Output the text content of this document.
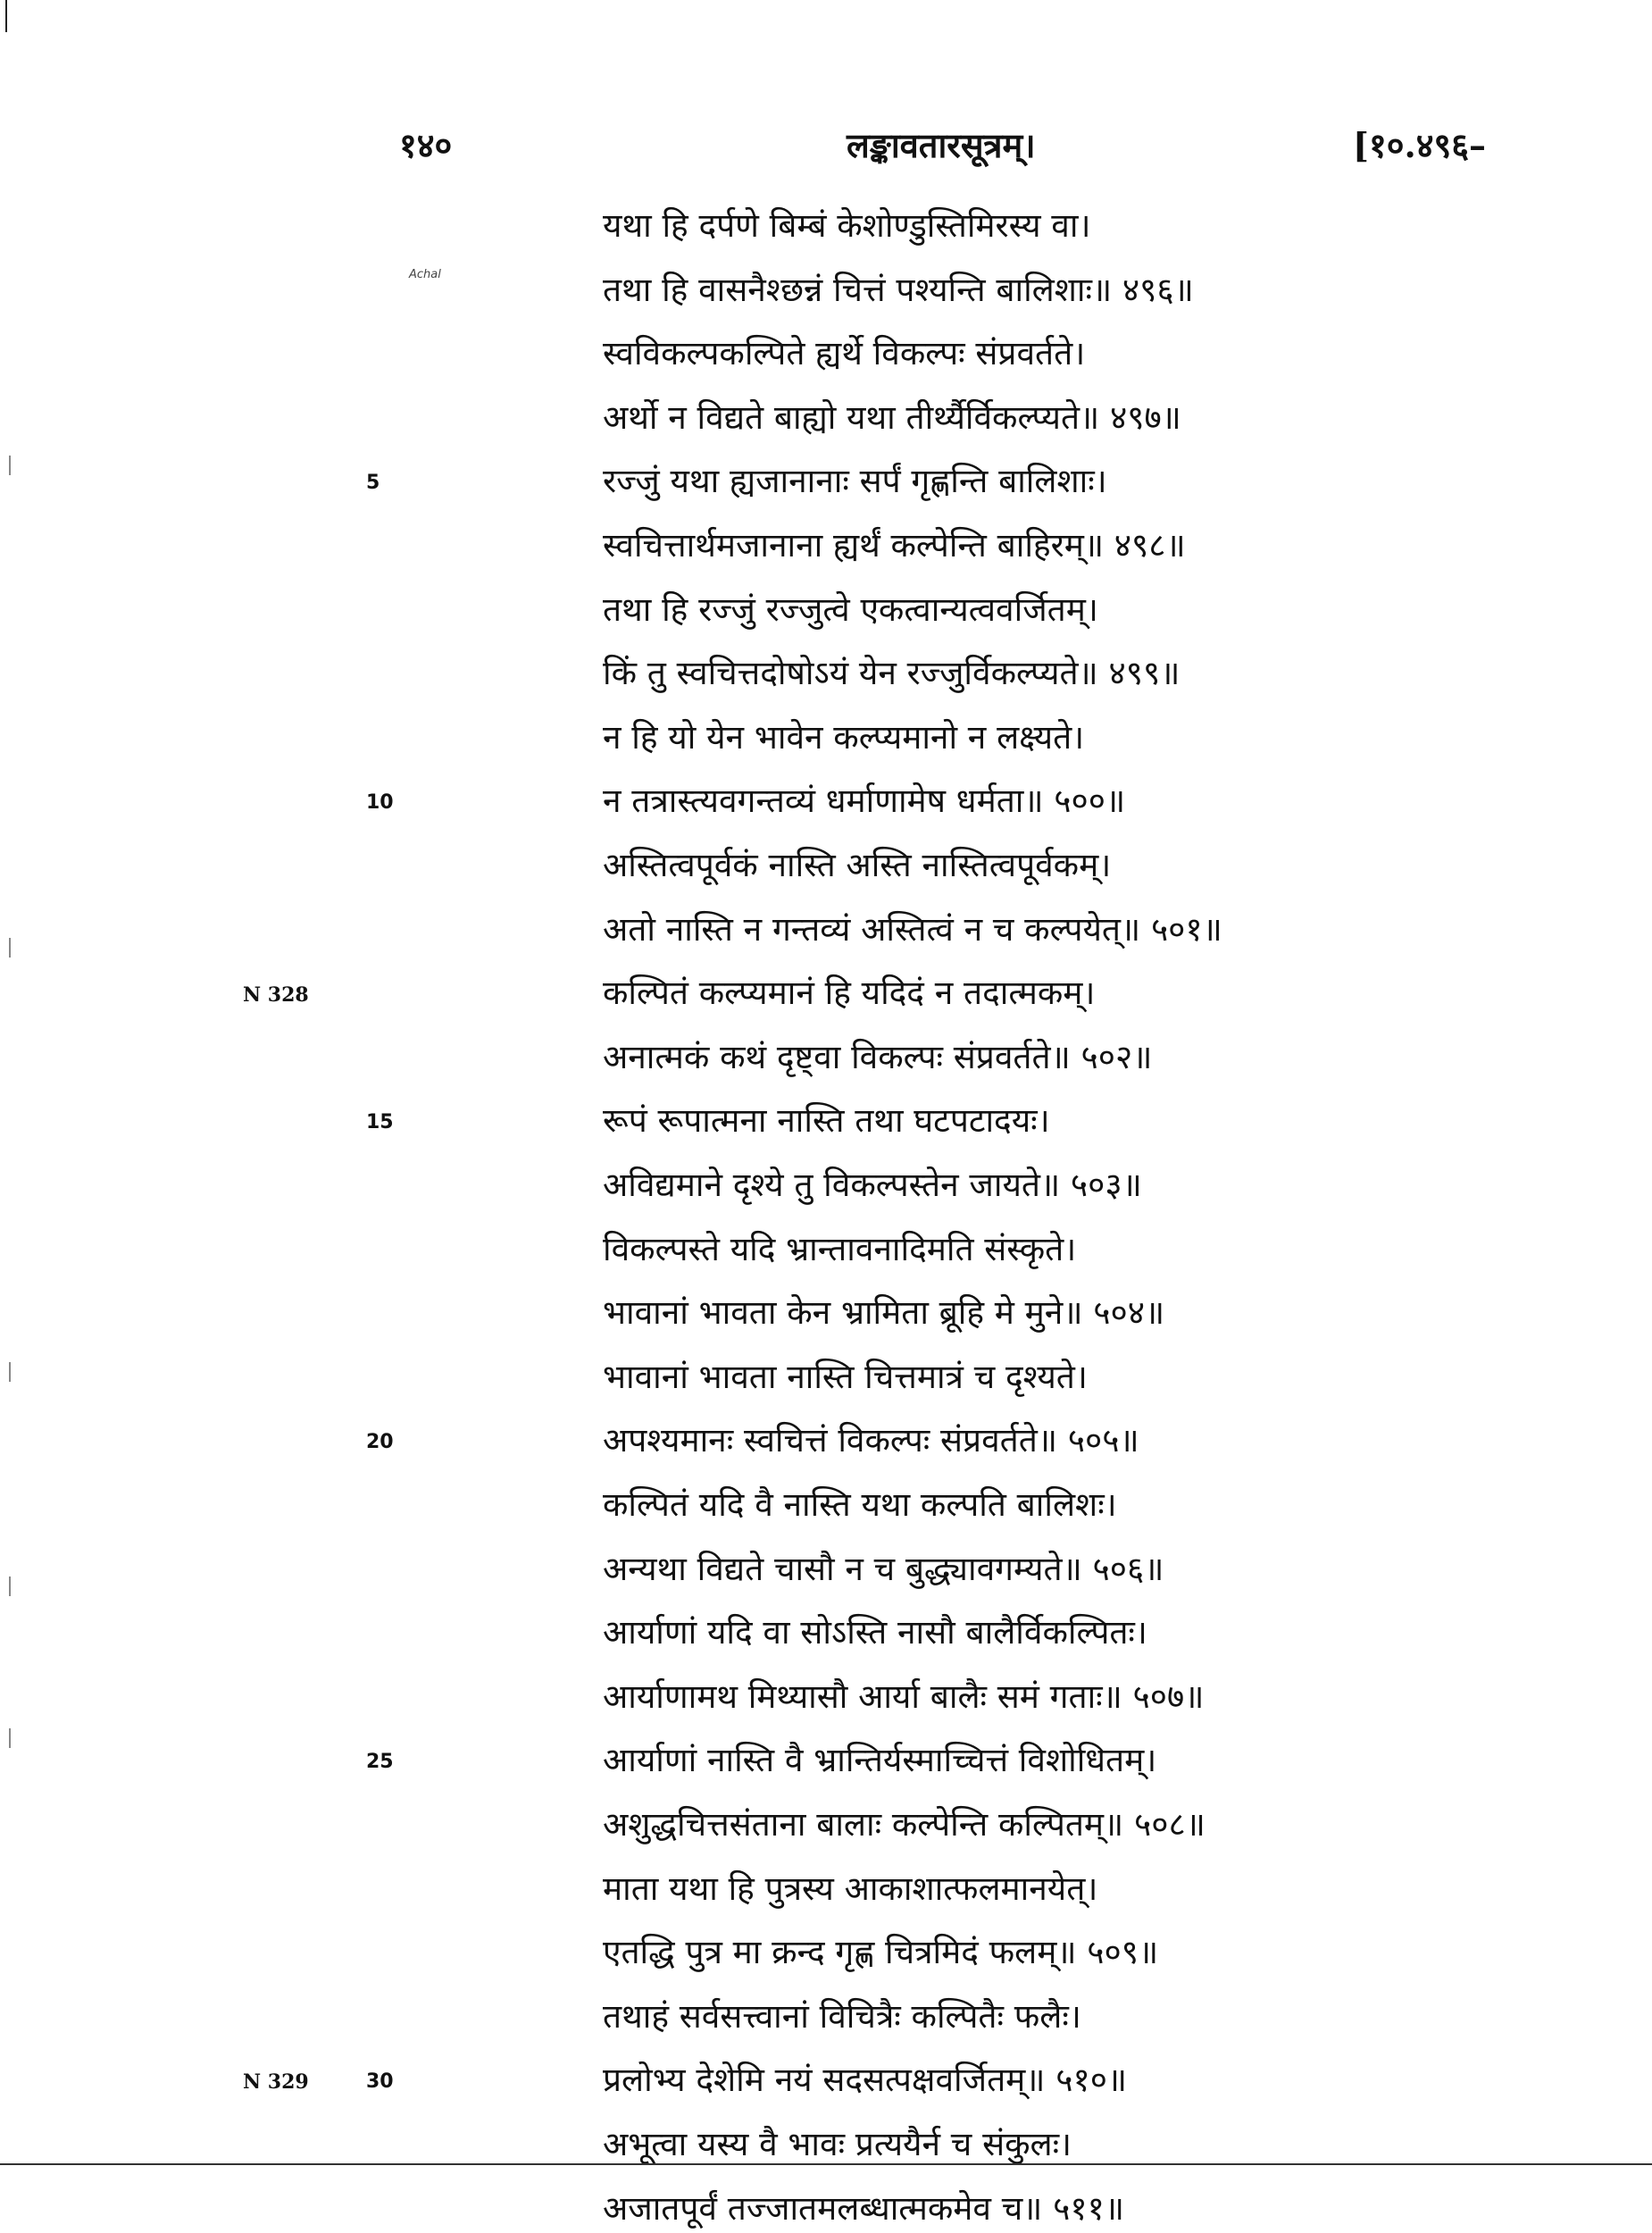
१४०	लङ्कावतारसूत्रम्।	[१०.४९६–
Achal
5
10
15
20
25
30
N 328
N 329
यथा हि दर्पणे बिम्बं केशोण्डुस्तिमिरस्य वा।
तथा हि वासनैश्छन्नं चित्तं पश्यन्ति बालिशाः॥ ४९६॥
स्वविकल्पकल्पिते ह्यर्थे विकल्पः संप्रवर्तते।
अर्थो न विद्यते बाह्यो यथा तीर्थ्यैर्विकल्प्यते॥ ४९७॥
रज्जुं यथा ह्यजानानाः सर्पं गृह्णन्ति बालिशाः।
स्वचित्तार्थमजानाना ह्यर्थं कल्पेन्ति बाहिरम्॥ ४९८॥
तथा हि रज्जुं रज्जुत्वे एकत्वान्यत्ववर्जितम्।
किं तु स्वचित्तदोषोऽयं येन रज्जुर्विकल्प्यते॥ ४९९॥
न हि यो येन भावेन कल्प्यमानो न लक्ष्यते।
न तत्रास्त्यवगन्तव्यं धर्माणामेष धर्मता॥ ५००॥
अस्तित्वपूर्वकं नास्ति अस्ति नास्तित्वपूर्वकम्।
अतो नास्ति न गन्तव्यं अस्तित्वं न च कल्पयेत्॥ ५०१॥
कल्पितं कल्प्यमानं हि यदिदं न तदात्मकम्।
अनात्मकं कथं दृष्ट्वा विकल्पः संप्रवर्तते॥ ५०२॥
रूपं रूपात्मना नास्ति तथा घटपटादयः।
अविद्यमाने दृश्ये तु विकल्पस्तेन जायते॥ ५०३॥
विकल्पस्ते यदि भ्रान्तावनादिमति संस्कृते।
भावानां भावता केन भ्रामिता ब्रूहि मे मुने॥ ५०४॥
भावानां भावता नास्ति चित्तमात्रं च दृश्यते।
अपश्यमानः स्वचित्तं विकल्पः संप्रवर्तते॥ ५०५॥
कल्पितं यदि वै नास्ति यथा कल्पति बालिशः।
अन्यथा विद्यते चासौ न च बुद्ध्यावगम्यते॥ ५०६॥
आर्याणां यदि वा सोऽस्ति नासौ बालैर्विकल्पितः।
आर्याणामथ मिथ्यासौ आर्या बालैः समं गताः॥ ५०७॥
आर्याणां नास्ति वै भ्रान्तिर्यस्माच्चित्तं विशोधितम्।
अशुद्धचित्तसंताना बालाः कल्पेन्ति कल्पितम्॥ ५०८॥
माता यथा हि पुत्रस्य आकाशात्फलमानयेत्।
एतद्धि पुत्र मा क्रन्द गृह्ण चित्रमिदं फलम्॥ ५०९॥
तथाहं सर्वसत्त्वानां विचित्रैः कल्पितैः फलैः।
प्रलोभ्य देशेमि नयं सदसत्पक्षवर्जितम्॥ ५१०॥
अभूत्वा यस्य वै भावः प्रत्ययैर्न च संकुलः।
अजातपूर्वं तज्जातमलब्धात्मकमेव च॥ ५११॥
